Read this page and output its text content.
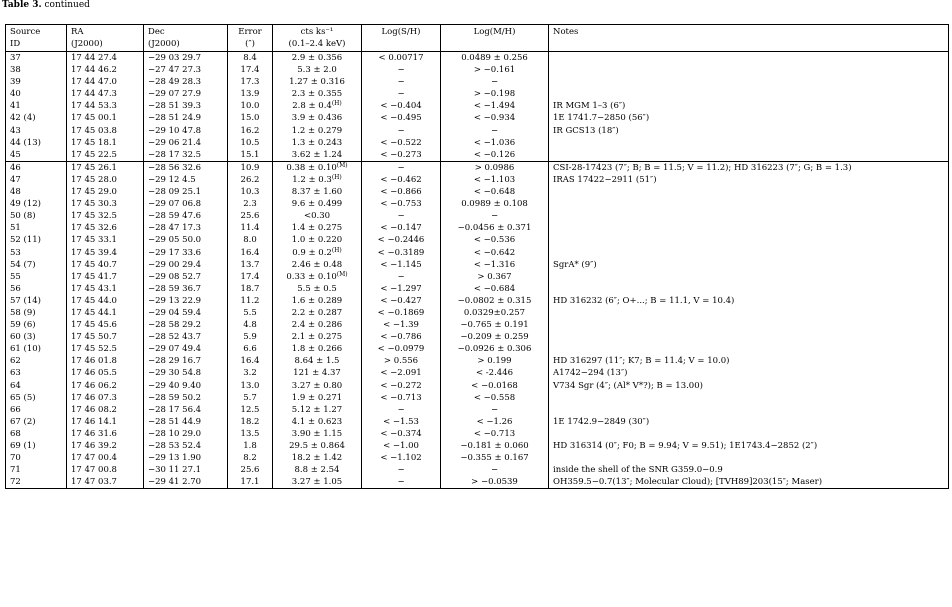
Table 3. continued
Source	RA	Dec	Error	cts ks⁻¹	Log(S/H)	Log(M/H)	Notes
ID	(J2000)	(J2000)	(″)	(0.1–2.4 keV)			
37	17 44 27.4	−29 03 29.7	8.4	2.9 ± 0.356	< 0.00717	0.0489 ± 0.256	
38	17 44 46.2	−27 47 27.3	17.4	5.3 ± 2.0	−	> −0.161	
39	17 44 47.0	−28 49 28.3	17.3	1.27 ± 0.316	−	−	
40	17 44 47.3	−29 07 27.9	13.9	2.3 ± 0.355	−	> −0.198	
41	17 44 53.3	−28 51 39.3	10.0	$2.8 \pm 0.4^{(H)}$	< −0.404	< −1.494	IR MGM 1–3 (6″)
42 (4)	17 45 00.1	−28 51 24.9	15.0	3.9 ± 0.436	< −0.495	< −0.934	1E 1741.7−2850 (56″)
43	17 45 03.8	−29 10 47.8	16.2	1.2 ± 0.279	−	−	IR GCS13 (18″)
44 (13)	17 45 18.1	−29 06 21.4	10.5	1.3 ± 0.243	< −0.522	< −1.036	
45	17 45 22.5	−28 17 32.5	15.1	3.62 ± 1.24	< −0.273	< −0.126	
46	17 45 26.1	−28 56 32.6	10.9	$0.38 \pm 0.10^{(M)}$	−	> 0.0986	CSI-28-17423 (7″; B; B = 11.5; V = 11.2); HD 316223 (7″; G; B = 1.3)
47	17 45 28.0	−29 12 4.5	26.2	$1.2 \pm 0.3^{(H)}$	< −0.462	< −1.103	IRAS 17422−2911 (51″)
48	17 45 29.0	−28 09 25.1	10.3	8.37 ± 1.60	< −0.866	< −0.648	
49 (12)	17 45 30.3	−29 07 06.8	2.3	9.6 ± 0.499	< −0.753	0.0989 ± 0.108	
50 (8)	17 45 32.5	−28 59 47.6	25.6	<0.30	−	−	
51	17 45 32.6	−28 47 17.3	11.4	1.4 ± 0.275	< −0.147	−0.0456 ± 0.371	
52 (11)	17 45 33.1	−29 05 50.0	8.0	1.0 ± 0.220	< −0.2446	< −0.536	
53	17 45 39.4	−29 17 33.6	16.4	$0.9 \pm 0.2^{(H)}$	< −0.3189	< −0.642	
54 (7)	17 45 40.7	−29 00 29.4	13.7	2.46 ± 0.48	< −1.145	< −1.316	SgrA* (9″)
55	17 45 41.7	−29 08 52.7	17.4	$0.33 \pm 0.10^{(M)}$	−	> 0.367	
56	17 45 43.1	−28 59 36.7	18.7	5.5 ± 0.5	< −1.297	< −0.684	
57 (14)	17 45 44.0	−29 13 22.9	11.2	1.6 ± 0.289	< −0.427	−0.0802 ± 0.315	HD 316232 (6″; O+...; B = 11.1, V = 10.4)
58 (9)	17 45 44.1	−29 04 59.4	5.5	2.2 ± 0.287	< −0.1869	0.0329±0.257	
59 (6)	17 45 45.6	−28 58 29.2	4.8	2.4 ± 0.286	< −1.39	−0.765 ± 0.191	
60 (3)	17 45 50.7	−28 52 43.7	5.9	2.1 ± 0.275	< −0.786	−0.209 ± 0.259	
61 (10)	17 45 52.5	−29 07 49.4	6.6	1.8 ± 0.266	< −0.0979	−0.0926 ± 0.306	
62	17 46 01.8	−28 29 16.7	16.4	8.64 ± 1.5	> 0.556	> 0.199	HD 316297 (11″; K7; B = 11.4; V = 10.0)
63	17 46 05.5	−29 30 54.8	3.2	121 ± 4.37	< −2.091	< -2.446	A1742−294 (13″)
64	17 46 06.2	−29 40 9.40	13.0	3.27 ± 0.80	< −0.272	< −0.0168	V734 Sgr (4″; (Al* V*?); B = 13.00)
65 (5)	17 46 07.3	−28 59 50.2	5.7	1.9 ± 0.271	< −0.713	< −0.558	
66	17 46 08.2	−28 17 56.4	12.5	5.12 ± 1.27	−	−	
67 (2)	17 46 14.1	−28 51 44.9	18.2	4.1 ± 0.623	< −1.53	< −1.26	1E 1742.9−2849 (30″)
68	17 46 31.6	−28 10 29.0	13.5	3.90 ± 1.15	< −0.374	< −0.713	
69 (1)	17 46 39.2	−28 53 52.4	1.8	29.5 ± 0.864	< −1.00	−0.181 ± 0.060	HD 316314 (0″; F0; B = 9.94; V = 9.51); 1E1743.4−2852 (2″)
70	17 47 00.4	−29 13 1.90	8.2	18.2 ± 1.42	< −1.102	−0.355 ± 0.167	
71	17 47 00.8	−30 11 27.1	25.6	8.8 ± 2.54	−	−	inside the shell of the SNR G359.0−0.9
72	17 47 03.7	−29 41 2.70	17.1	3.27 ± 1.05	−	> −0.0539	OH359.5−0.7(13″; Molecular Cloud); [TVH89]203(15″; Maser)
